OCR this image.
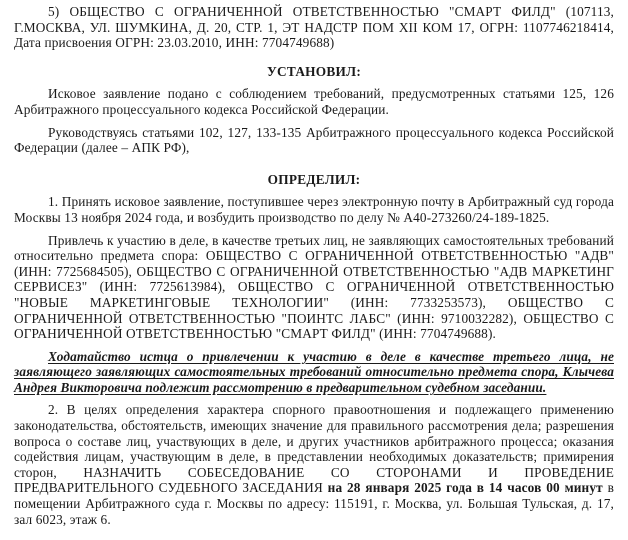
5) ОБЩЕСТВО С ОГРАНИЧЕННОЙ ОТВЕТСТВЕННОСТЬЮ "СМАРТ ФИЛД" (107113, Г.МОСКВА, УЛ. ШУМКИНА, Д. 20, СТР. 1, ЭТ НАДСТР ПОМ XII КОМ 17, ОГРН: 1107746218414, Дата присвоения ОГРН: 23.03.2010, ИНН: 7704749688)

УСТАНОВИЛ:

Исковое заявление подано с соблюдением требований, предусмотренных статьями 125, 126 Арбитражного процессуального кодекса Российской Федерации.

Руководствуясь статьями 102, 127, 133-135 Арбитражного процессуального кодекса Российской Федерации (далее – АПК РФ),

ОПРЕДЕЛИЛ:

1. Принять исковое заявление, поступившее через электронную почту в Арбитражный суд города Москвы 13 ноября 2024 года, и возбудить производство по делу № А40-273260/24-189-1825.

Привлечь к участию в деле, в качестве третьих лиц, не заявляющих самостоятельных требований относительно предмета спора: ОБЩЕСТВО С ОГРАНИЧЕННОЙ ОТВЕТСТВЕННОСТЬЮ "АДВ" (ИНН: 7725684505), ОБЩЕСТВО С ОГРАНИЧЕННОЙ ОТВЕТСТВЕННОСТЬЮ "АДВ МАРКЕТИНГ СЕРВИСЕЗ" (ИНН: 7725613984), ОБЩЕСТВО С ОГРАНИЧЕННОЙ ОТВЕТСТВЕННОСТЬЮ "НОВЫЕ МАРКЕТИНГОВЫЕ ТЕХНОЛОГИИ" (ИНН: 7733253573), ОБЩЕСТВО С ОГРАНИЧЕННОЙ ОТВЕТСТВЕННОСТЬЮ "ПОИНТС ЛАБС" (ИНН: 9710032282), ОБЩЕСТВО С ОГРАНИЧЕННОЙ ОТВЕТСТВЕННОСТЬЮ "СМАРТ ФИЛД" (ИНН: 7704749688).

Ходатайство истца о привлечении к участию в деле в качестве третьего лица, не заявляющего заявляющих самостоятельных требований относительно предмета спора, Клычева Андрея Викторовича подлежит рассмотрению в предварительном судебном заседании.

2. В целях определения характера спорного правоотношения и подлежащего применению законодательства, обстоятельств, имеющих значение для правильного рассмотрения дела; разрешения вопроса о составе лиц, участвующих в деле, и других участников арбитражного процесса; оказания содействия лицам, участвующим в деле, в представлении необходимых доказательств; примирения сторон, НАЗНАЧИТЬ СОБЕСЕДОВАНИЕ СО СТОРОНАМИ И ПРОВЕДЕНИЕ ПРЕДВАРИТЕЛЬНОГО СУДЕБНОГО ЗАСЕДАНИЯ на 28 января 2025 года в 14 часов 00 минут в помещении Арбитражного суда г. Москвы по адресу: 115191, г. Москва, ул. Большая Тульская, д. 17, зал 6023, этаж 6.
